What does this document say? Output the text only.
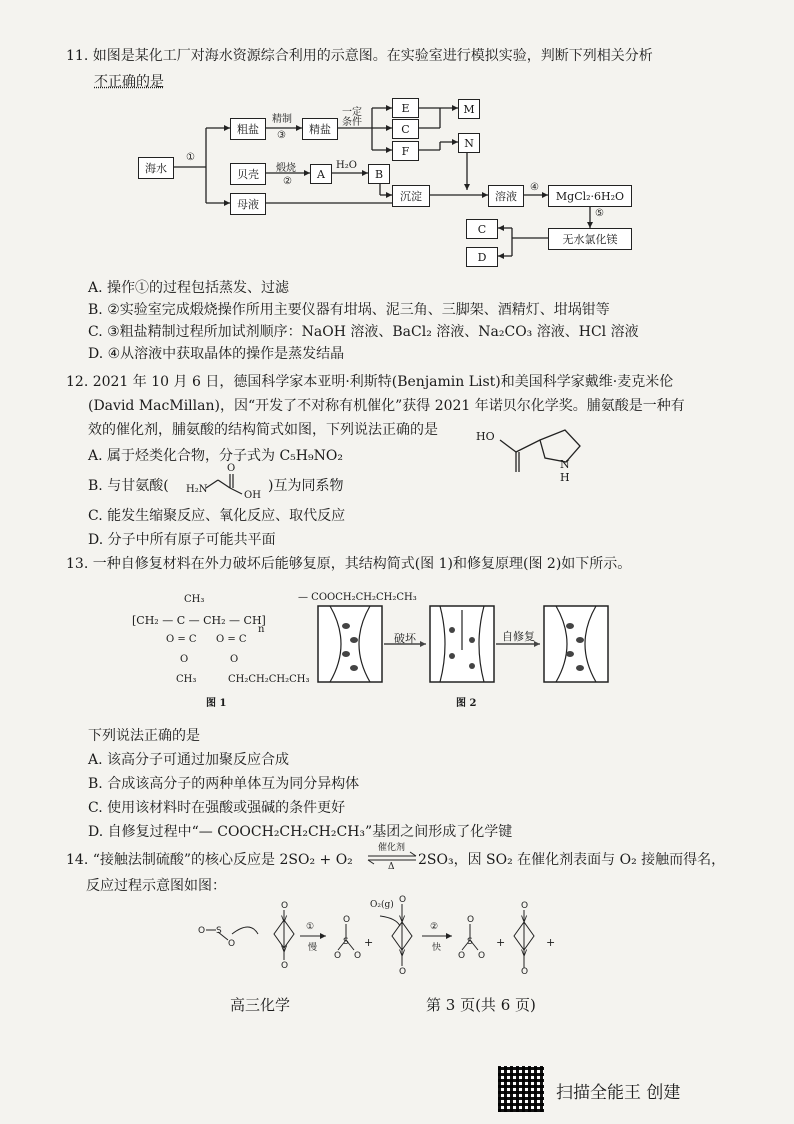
11. 如图是某化工厂对海水资源综合利用的示意图。在实验室进行模拟实验，判断下列相关分析
不正确的是
海水
粗盐	精盐
精制
③
一定条件
E
C
F
M
N
贝壳	煅烧
②
A
H₂O
B
母液
①
沉淀	溶液
④
MgCl₂·6H₂O
⑤
无水氯化镁
C
D
A. 操作①的过程包括蒸发、过滤
B. ②实验室完成煅烧操作所用主要仪器有坩埚、泥三角、三脚架、酒精灯、坩埚钳等
C. ③粗盐精制过程所加试剂顺序：NaOH 溶液、BaCl₂ 溶液、Na₂CO₃ 溶液、HCl 溶液
D. ④从溶液中获取晶体的操作是蒸发结晶
12. 2021 年 10 月 6 日，德国科学家本亚明·利斯特(Benjamin List)和美国科学家戴维·麦克米伦
(David MacMillan)，因“开发了不对称有机催化”获得 2021 年诺贝尔化学奖。脯氨酸是一种有
效的催化剂，脯氨酸的结构简式如图，下列说法正确的是	HO
N
H
A. 属于烃类化合物，分子式为 C₅H₉NO₂
B. 与甘氨酸( H₂N
O
OH
)互为同系物
C. 能发生缩聚反应、氧化反应、取代反应
D. 分子中所有原子可能共平面
13. 一种自修复材料在外力破坏后能够复原，其结构简式(图 1)和修复原理(图 2)如下所示。
CH₃
[CH₂ — C — CH₂ — CH]
n
O = C O = C
O	O
CH₃	CH₂CH₂CH₂CH₃
图 1
— COOCH₂CH₂CH₂CH₃
破坏	自修复
图 2
下列说法正确的是
A. 该高分子可通过加聚反应合成
B. 合成该高分子的两种单体互为同分异构体
C. 使用该材料时在强酸或强碱的条件更好
D. 自修复过程中“— COOCH₂CH₂CH₂CH₃”基团之间形成了化学键
14. “接触法制硫酸”的核心反应是 2SO₂ + O₂
催化剂
Δ 2SO₃，因 SO₂ 在催化剂表面与 O₂ 接触而得名，
反应过程示意图如图：
O S
O
O
V
V
O
O
S
O O
O
V
V
O
O
S
O O
O
V
V
O
O₂(g)
①
慢	+
②
快	+	+
高三化学	第 3 页(共 6 页)
扫描全能王 创建
